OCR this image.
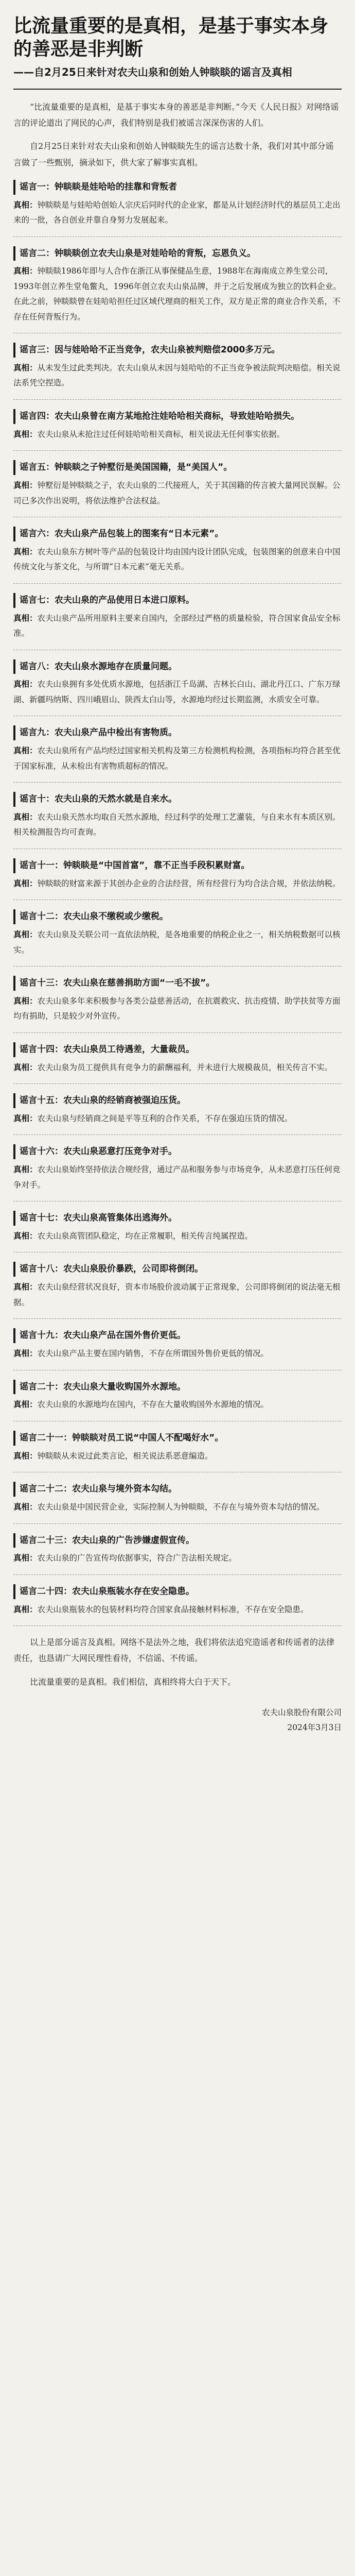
比流量重要的是真相，是基于事实本身的善恶是非判断
——自2月25日来针对农夫山泉和创始人钟睒睒的谣言及真相

“比流量重要的是真相，是基于事实本身的善恶是非判断。”今天《人民日报》对网络谣言的评论道出了网民的心声，我们特别是我们被谣言深深伤害的人们。

自2月25日来针对农夫山泉和创始人钟睒睒先生的谣言达数十条，我们对其中部分谣言做了一些甄别，摘录如下，供大家了解事实真相。

谣言一：钟睒睒是娃哈哈的挂靠和背叛者

真相：钟睒睒是与娃哈哈创始人宗庆后同时代的企业家，都是从计划经济时代的基层员工走出来的一批，各自创业并靠自身努力发展起来。

谣言二：钟睒睒创立农夫山泉是对娃哈哈的背叛，忘恩负义。

真相：钟睒睒1986年即与人合作在浙江从事保健品生意，1988年在海南成立养生堂公司，1993年创立养生堂龟鳖丸，1996年创立农夫山泉品牌，并于之后发展成为独立的饮料企业。在此之前，钟睒睒曾在娃哈哈担任过区域代理商的相关工作，双方是正常的商业合作关系，不存在任何背叛行为。

谣言三：因与娃哈哈不正当竞争，农夫山泉被判赔偿2000多万元。

真相：从未发生过此类判决。农夫山泉从未因与娃哈哈的不正当竞争被法院判决赔偿。相关说法系凭空捏造。

谣言四：农夫山泉曾在南方某地抢注娃哈哈相关商标，导致娃哈哈损失。

真相：农夫山泉从未抢注过任何娃哈哈相关商标，相关说法无任何事实依据。

谣言五：钟睒睒之子钟墅衍是美国国籍，是“美国人”。

真相：钟墅衍是钟睒睒之子，农夫山泉的二代接班人，关于其国籍的传言被大量网民误解。公司已多次作出说明，将依法维护合法权益。

谣言六：农夫山泉产品包装上的图案有“日本元素”。

真相：农夫山泉东方树叶等产品的包装设计均由国内设计团队完成，包装图案的创意来自中国传统文化与茶文化，与所谓“日本元素”毫无关系。

谣言七：农夫山泉的产品使用日本进口原料。

真相：农夫山泉产品所用原料主要来自国内，全部经过严格的质量检验，符合国家食品安全标准。

谣言八：农夫山泉水源地存在质量问题。

真相：农夫山泉拥有多处优质水源地，包括浙江千岛湖、吉林长白山、湖北丹江口、广东万绿湖、新疆玛纳斯、四川峨眉山、陕西太白山等，水源地均经过长期监测，水质安全可靠。

谣言九：农夫山泉产品中检出有害物质。

真相：农夫山泉所有产品均经过国家相关机构及第三方检测机构检测，各项指标均符合甚至优于国家标准，从未检出有害物质超标的情况。

谣言十：农夫山泉的天然水就是自来水。

真相：农夫山泉天然水均取自天然水源地，经过科学的处理工艺灌装，与自来水有本质区别。相关检测报告均可查询。

谣言十一：钟睒睒是“中国首富”，靠不正当手段积累财富。

真相：钟睒睒的财富来源于其创办企业的合法经营，所有经营行为均合法合规，并依法纳税。

谣言十二：农夫山泉不缴税或少缴税。

真相：农夫山泉及关联公司一直依法纳税，是各地重要的纳税企业之一，相关纳税数据可以核实。

谣言十三：农夫山泉在慈善捐助方面“一毛不拔”。

真相：农夫山泉多年来积极参与各类公益慈善活动，在抗震救灾、抗击疫情、助学扶贫等方面均有捐助，只是较少对外宣传。

谣言十四：农夫山泉员工待遇差，大量裁员。

真相：农夫山泉为员工提供具有竞争力的薪酬福利，并未进行大规模裁员，相关传言不实。

谣言十五：农夫山泉的经销商被强迫压货。

真相：农夫山泉与经销商之间是平等互利的合作关系，不存在强迫压货的情况。

谣言十六：农夫山泉恶意打压竞争对手。

真相：农夫山泉始终坚持依法合规经营，通过产品和服务参与市场竞争，从未恶意打压任何竞争对手。

谣言十七：农夫山泉高管集体出逃海外。

真相：农夫山泉高管团队稳定，均在正常履职，相关传言纯属捏造。

谣言十八：农夫山泉股价暴跌，公司即将倒闭。

真相：农夫山泉经营状况良好，资本市场股价波动属于正常现象，公司即将倒闭的说法毫无根据。

谣言十九：农夫山泉产品在国外售价更低。

真相：农夫山泉产品主要在国内销售，不存在所谓国外售价更低的情况。

谣言二十：农夫山泉大量收购国外水源地。

真相：农夫山泉的水源地均在国内，不存在大量收购国外水源地的情况。

谣言二十一：钟睒睒对员工说“中国人不配喝好水”。

真相：钟睒睒从未说过此类言论，相关说法系恶意编造。

谣言二十二：农夫山泉与境外资本勾结。

真相：农夫山泉是中国民营企业，实际控制人为钟睒睒，不存在与境外资本勾结的情况。

谣言二十三：农夫山泉的广告涉嫌虚假宣传。

真相：农夫山泉的广告宣传均依据事实，符合广告法相关规定。

谣言二十四：农夫山泉瓶装水存在安全隐患。

真相：农夫山泉瓶装水的包装材料均符合国家食品接触材料标准，不存在安全隐患。

以上是部分谣言及真相。网络不是法外之地，我们将依法追究造谣者和传谣者的法律责任，也恳请广大网民理性看待，不信谣、不传谣。

比流量重要的是真相。我们相信，真相终将大白于天下。

农夫山泉股份有限公司
2024年3月3日
